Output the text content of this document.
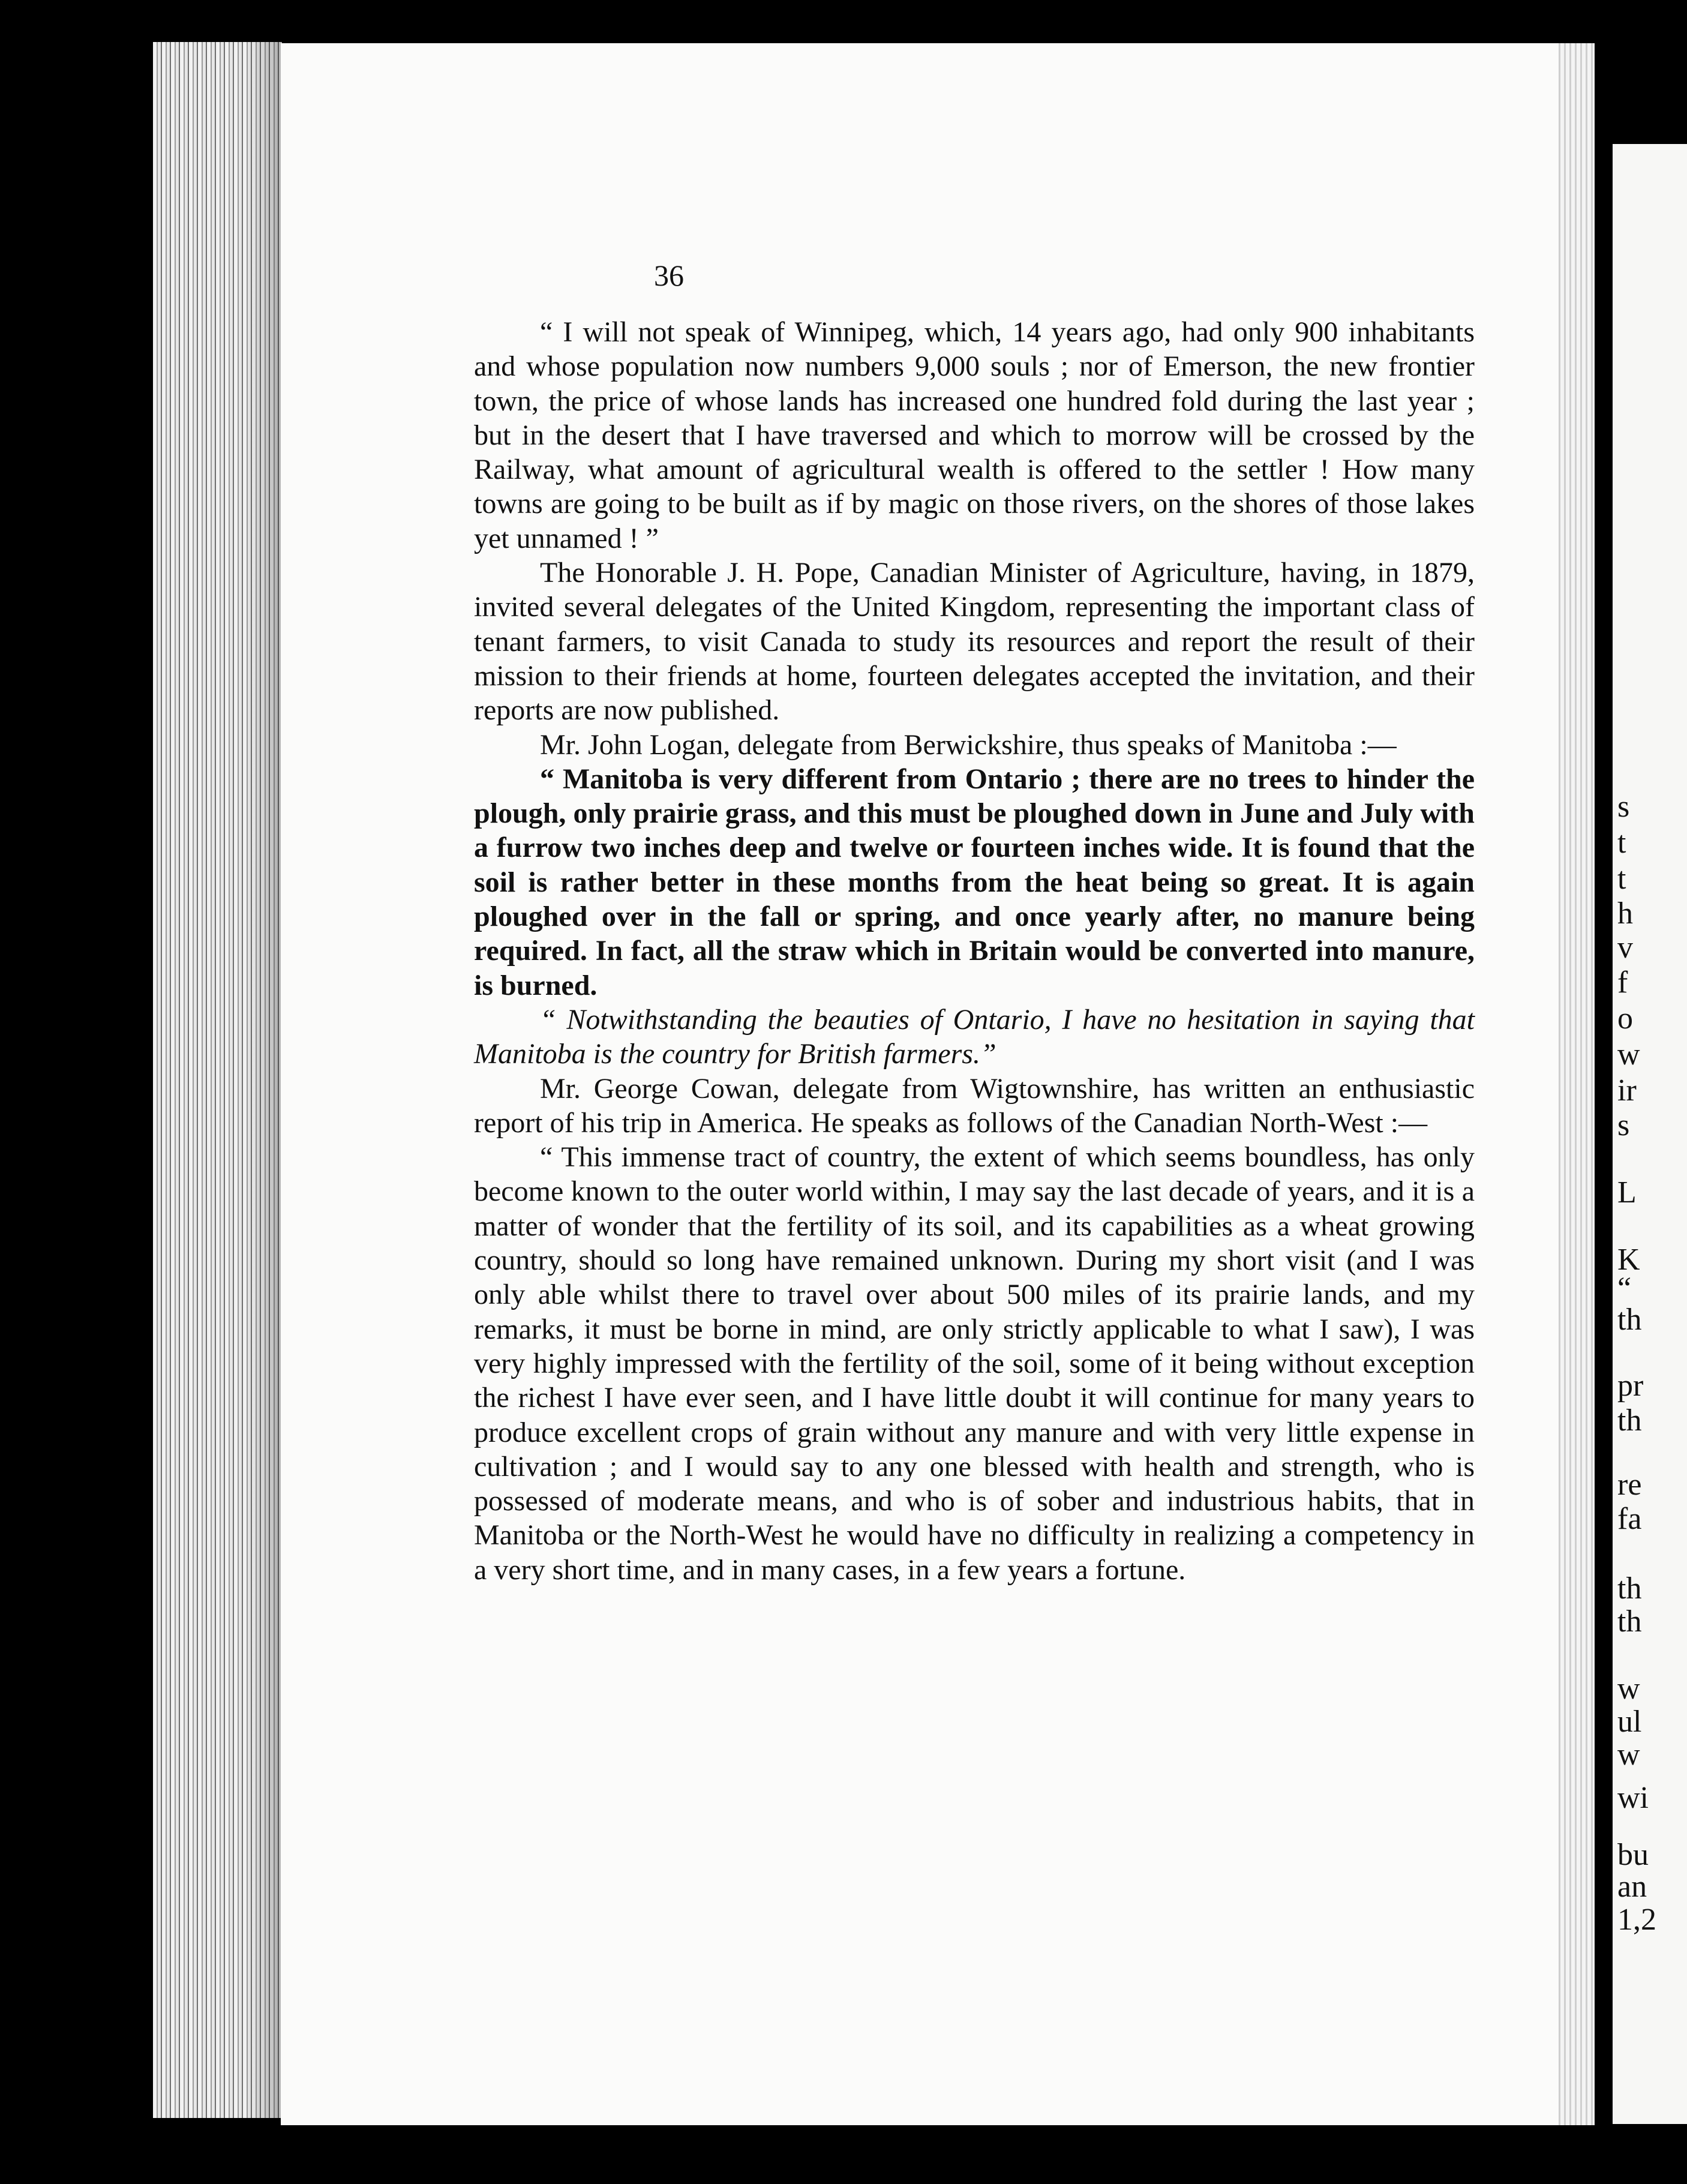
s
t
t
h
v
f
o
w
ir
s
L
K
“
th
pr
th
re
fa
th
th
w
ul
w
wi
bu
an
1,2
36

“ I will not speak of Winnipeg, which, 14 years ago, had only 900 inhabitants and whose population now numbers 9,000 souls ; nor of Emerson, the new frontier town, the price of whose lands has increased one hundred fold during the last year ; but in the desert that I have traversed and which to morrow will be crossed by the Railway, what amount of agricultural wealth is offered to the settler ! How many towns are going to be built as if by magic on those rivers, on the shores of those lakes yet unnamed ! ”

The Honorable J. H. Pope, Canadian Minister of Agriculture, having, in 1879, invited several delegates of the United Kingdom, representing the important class of tenant farmers, to visit Canada to study its resources and report the result of their mission to their friends at home, fourteen delegates accepted the invitation, and their reports are now published.

Mr. John Logan, delegate from Berwickshire, thus speaks of Manitoba :—

“ Manitoba is very different from Ontario ; there are no trees to hinder the plough, only prairie grass, and this must be ploughed down in June and July with a furrow two inches deep and twelve or fourteen inches wide. It is found that the soil is rather better in these months from the heat being so great. It is again ploughed over in the fall or spring, and once yearly after, no manure being required. In fact, all the straw which in Britain would be converted into manure, is burned.

“ Notwithstanding the beauties of Ontario, I have no hesitation in saying that Manitoba is the country for British farmers.”

Mr. George Cowan, delegate from Wigtownshire, has written an enthusiastic report of his trip in America. He speaks as follows of the Canadian North-West :—

“ This immense tract of country, the extent of which seems boundless, has only become known to the outer world within, I may say the last decade of years, and it is a matter of wonder that the fertility of its soil, and its capabilities as a wheat growing country, should so long have remained unknown. During my short visit (and I was only able whilst there to travel over about 500 miles of its prairie lands, and my remarks, it must be borne in mind, are only strictly applicable to what I saw), I was very highly impressed with the fertility of the soil, some of it being without exception the richest I have ever seen, and I have little doubt it will continue for many years to produce excellent crops of grain without any manure and with very little expense in cultivation ; and I would say to any one blessed with health and strength, who is possessed of moderate means, and who is of sober and industrious habits, that in Manitoba or the North-West he would have no difficulty in realizing a competency in a very short time, and in many cases, in a few years a fortune.
